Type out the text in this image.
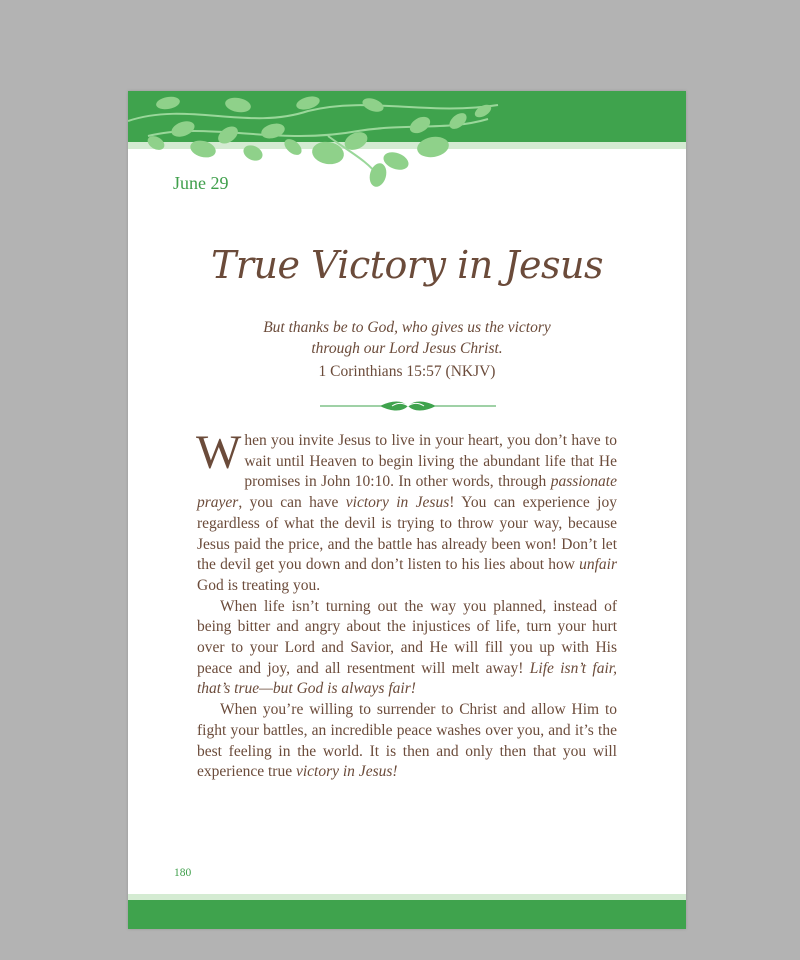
June 29
True Victory in Jesus
But thanks be to God, who gives us the victory
through our Lord Jesus Christ.
1 Corinthians 15:57 (NKJV)

When you invite Jesus to live in your heart, you don’t have to wait until Heaven to begin living the abundant life that He promises in John 10:10. In other words, through passionate prayer, you can have victory in Jesus! You can experience joy regardless of what the devil is trying to throw your way, because Jesus paid the price, and the battle has already been won! Don’t let the devil get you down and don’t listen to his lies about how unfair God is treating you.

When life isn’t turning out the way you planned, instead of being bitter and angry about the injustices of life, turn your hurt over to your Lord and Savior, and He will fill you up with His peace and joy, and all resentment will melt away! Life isn’t fair, that’s true—but God is always fair!

When you’re willing to surrender to Christ and allow Him to fight your battles, an incredible peace washes over you, and it’s the best feeling in the world. It is then and only then that you will experience true victory in Jesus!

180
